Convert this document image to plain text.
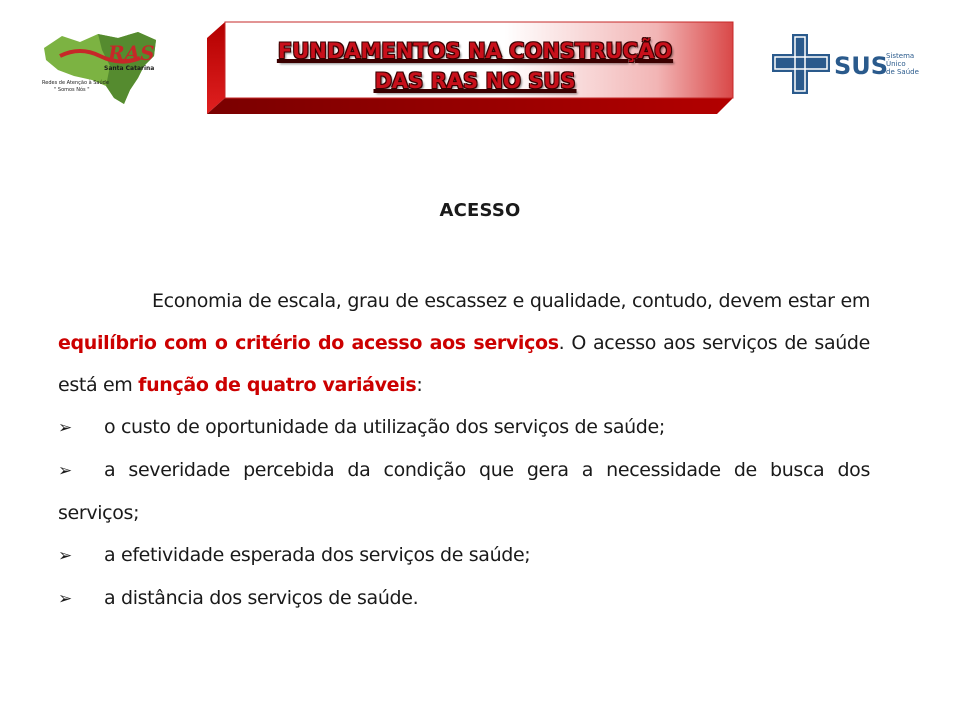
RAS
Santa Catarina
Redes de Atenção à Saúde
" Somos Nós "
FUNDAMENTOS NA CONSTRUÇÃO
DAS RAS NO SUS
SUS
Sistema
Único
de Saúde
ACESSO

Economia de escala, grau de escassez e qualidade, contudo, devem estar em equilíbrio com o critério do acesso aos serviços. O acesso aos serviços de saúde está em função de quatro variáveis:

➢ o custo de oportunidade da utilização dos serviços de saúde;

➢ a severidade percebida da condição que gera a necessidade de busca dos serviços;

➢ a efetividade esperada dos serviços de saúde;

➢ a distância dos serviços de saúde.
